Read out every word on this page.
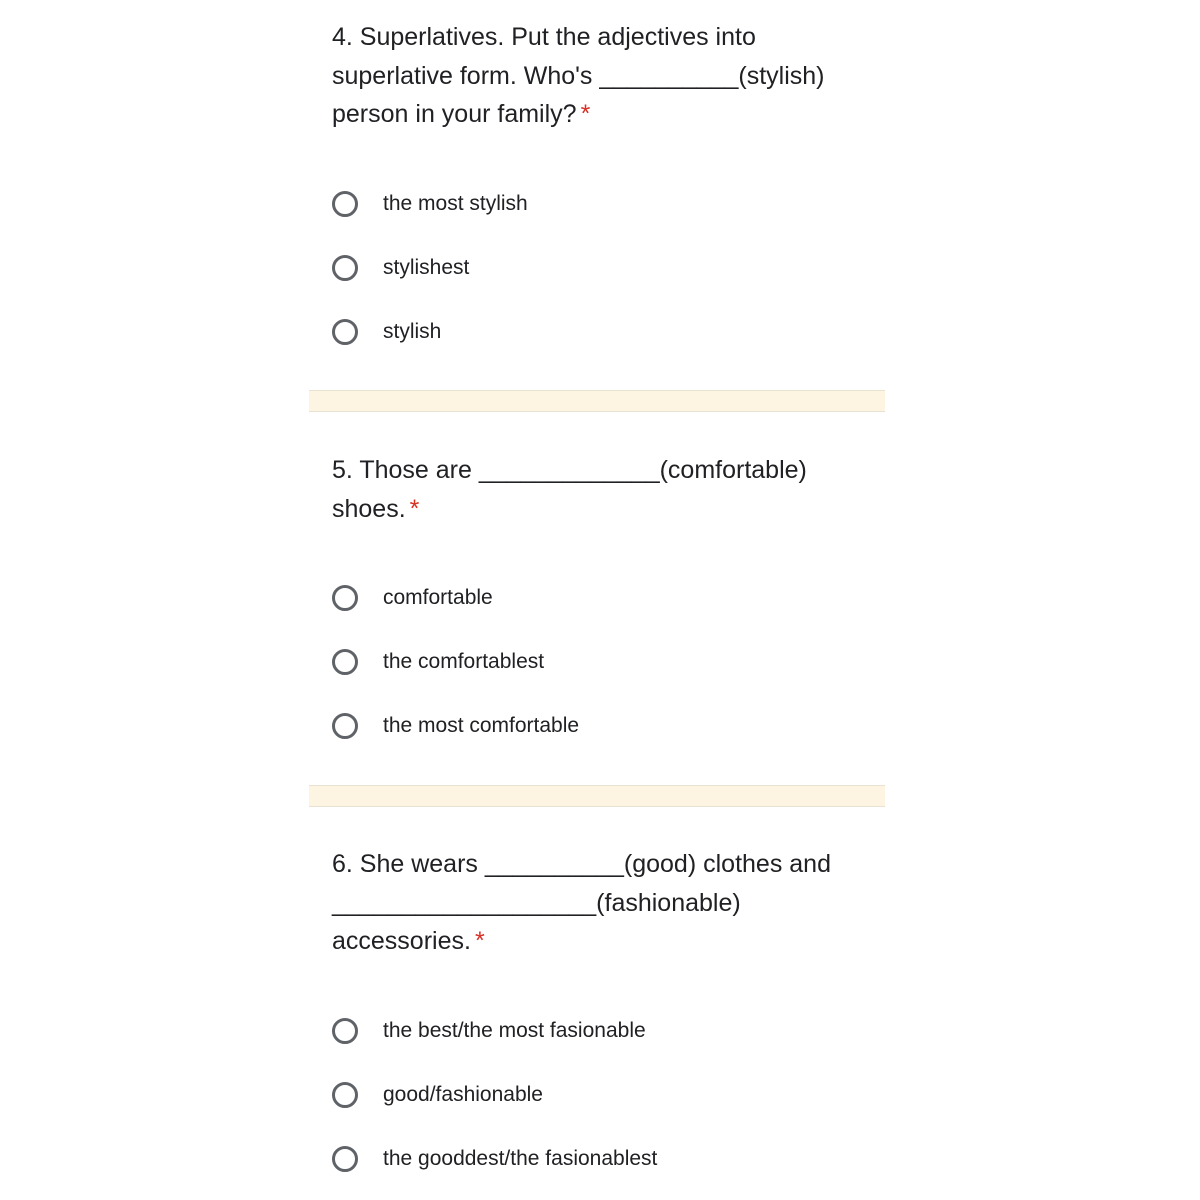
4. Superlatives. Put the adjectives into superlative form. Who's __________(stylish) person in your family? *
the most stylish
stylishest
stylish
5. Those are _____________(comfortable) shoes. *
comfortable
the comfortablest
the most comfortable
6. She wears __________(good) clothes and ___________________(fashionable) accessories. *
the best/the most fasionable
good/fashionable
the gooddest/the fasionablest
